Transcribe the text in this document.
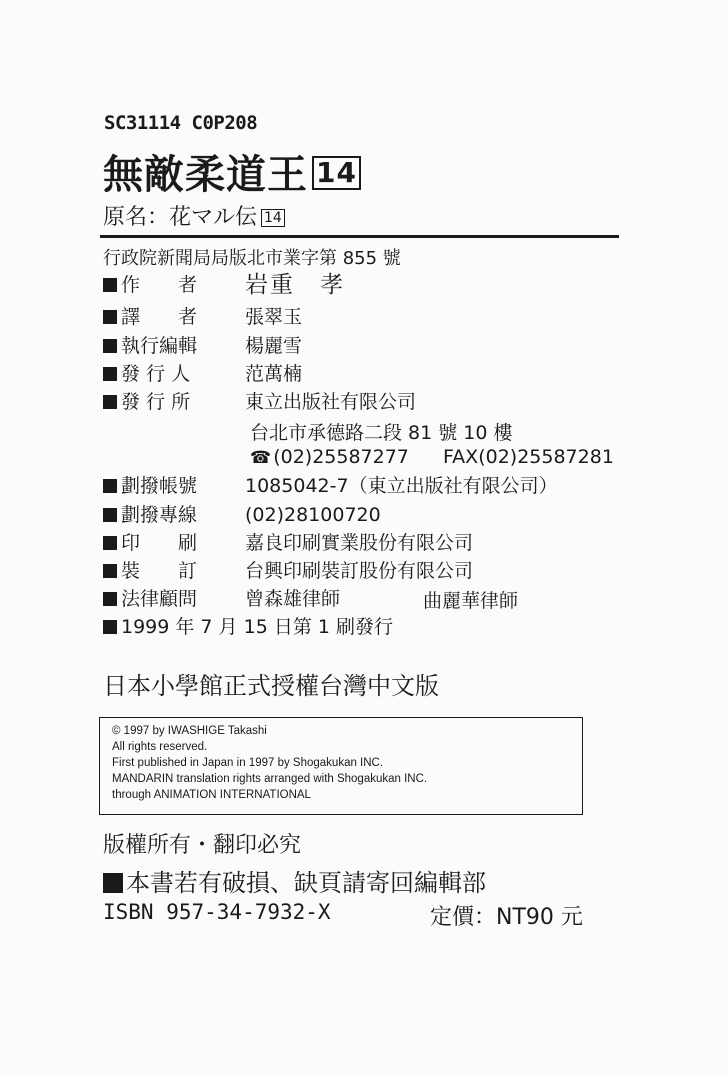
SC31114 C0P208
無敵柔道王 14
原名：花マル伝 14
行政院新聞局局版北市業字第 855 號
作　　者 岩重　孝
譯　　者	張翠玉
執行編輯	楊麗雪
發 行 人	范萬楠
發 行 所	東立出版社有限公司
台北市承德路二段 81 號 10 樓
☎ (02)25587277 FAX(02)25587281
劃撥帳號	1085042-7（東立出版社有限公司）
劃撥專線	(02)28100720
印　　刷	嘉良印刷實業股份有限公司
裝　　訂	台興印刷裝訂股份有限公司
法律顧問	曾森雄律師	曲麗華律師
1999 年 7 月 15 日第 1 刷發行
日本小學館正式授權台灣中文版
© 1997 by IWASHIGE Takashi
All rights reserved.
First published in Japan in 1997 by Shogakukan INC.
MANDARIN translation rights arranged with Shogakukan INC.
through ANIMATION INTERNATIONAL
版權所有・翻印必究
本書若有破損、缺頁請寄回編輯部
ISBN 957-34-7932-X	定價：NT90 元
